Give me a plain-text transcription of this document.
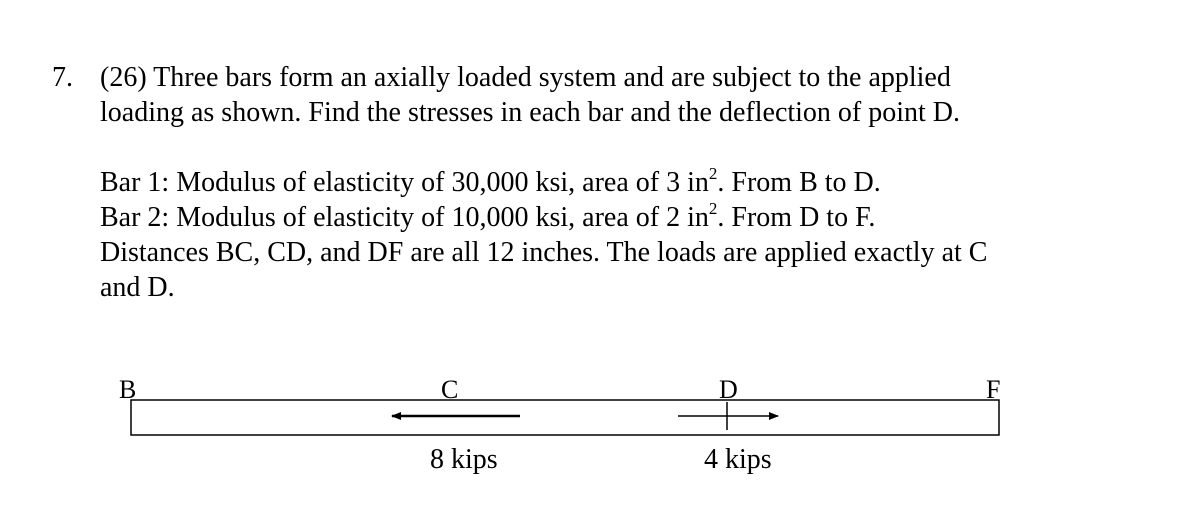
7. (26) Three bars form an axially loaded system and are subject to the applied
loading as shown. Find the stresses in each bar and the deflection of point D.
Bar 1: Modulus of elasticity of 30,000 ksi, area of 3 $in^2$. From B to D.
Bar 2: Modulus of elasticity of 10,000 ksi, area of 2 $in^2$. From D to F.
Distances BC, CD, and DF are all 12 inches. The loads are applied exactly at C
and D.
B	C	D	F
8 kips	4 kips
